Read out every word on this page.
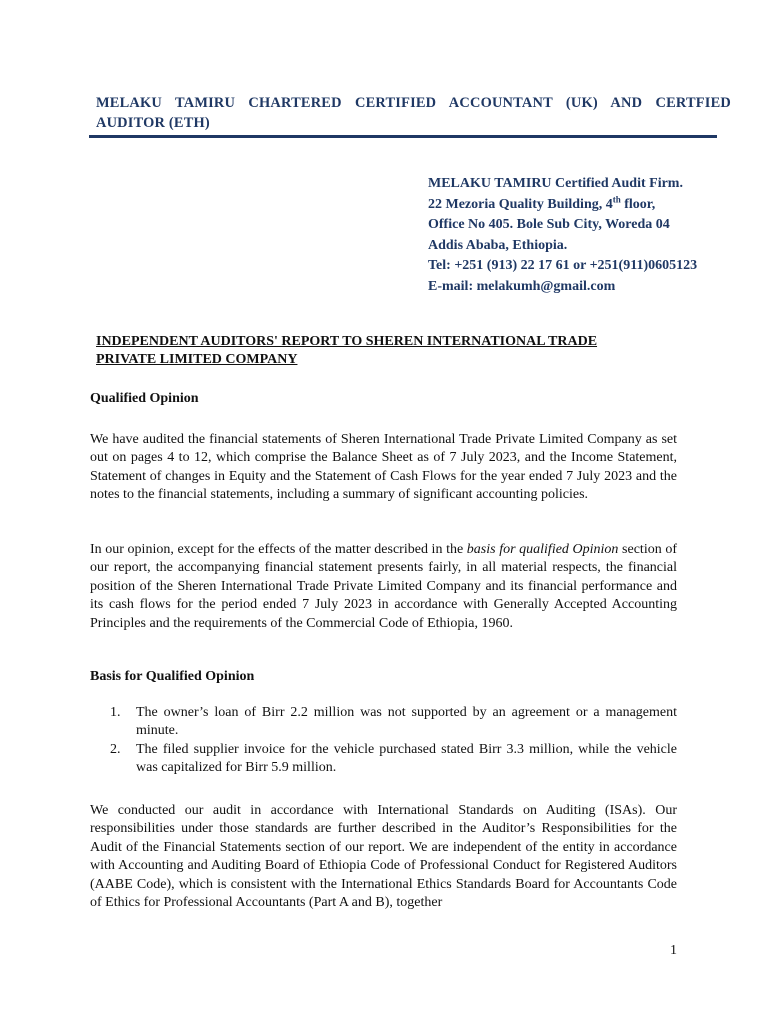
MELAKU TAMIRU CHARTERED CERTIFIED ACCOUNTANT (UK) AND CERTFIED AUDITOR (ETH)
MELAKU TAMIRU Certified Audit Firm.
22 Mezoria Quality Building, 4th floor,
Office No 405. Bole Sub City, Woreda 04
Addis Ababa, Ethiopia.
Tel: +251 (913) 22 17 61 or +251(911)0605123
E-mail: melakumh@gmail.com
INDEPENDENT AUDITORS' REPORT TO SHEREN INTERNATIONAL TRADE
PRIVATE LIMITED COMPANY
Qualified Opinion
We have audited the financial statements of Sheren International Trade Private Limited Company as set out on pages 4 to 12, which comprise the Balance Sheet as of 7 July 2023, and the Income Statement, Statement of changes in Equity and the Statement of Cash Flows for the year ended 7 July 2023 and the notes to the financial statements, including a summary of significant accounting policies.
In our opinion, except for the effects of the matter described in the basis for qualified Opinion section of our report, the accompanying financial statement presents fairly, in all material respects, the financial position of the Sheren International Trade Private Limited Company and its financial performance and its cash flows for the period ended 7 July 2023 in accordance with Generally Accepted Accounting Principles and the requirements of the Commercial Code of Ethiopia, 1960.
Basis for Qualified Opinion
1. The owner’s loan of Birr 2.2 million was not supported by an agreement or a management minute.
2. The filed supplier invoice for the vehicle purchased stated Birr 3.3 million, while the vehicle was capitalized for Birr 5.9 million.
We conducted our audit in accordance with International Standards on Auditing (ISAs). Our responsibilities under those standards are further described in the Auditor’s Responsibilities for the Audit of the Financial Statements section of our report. We are independent of the entity in accordance with Accounting and Auditing Board of Ethiopia Code of Professional Conduct for Registered Auditors (AABE Code), which is consistent with the International Ethics Standards Board for Accountants Code of Ethics for Professional Accountants (Part A and B), together
1
